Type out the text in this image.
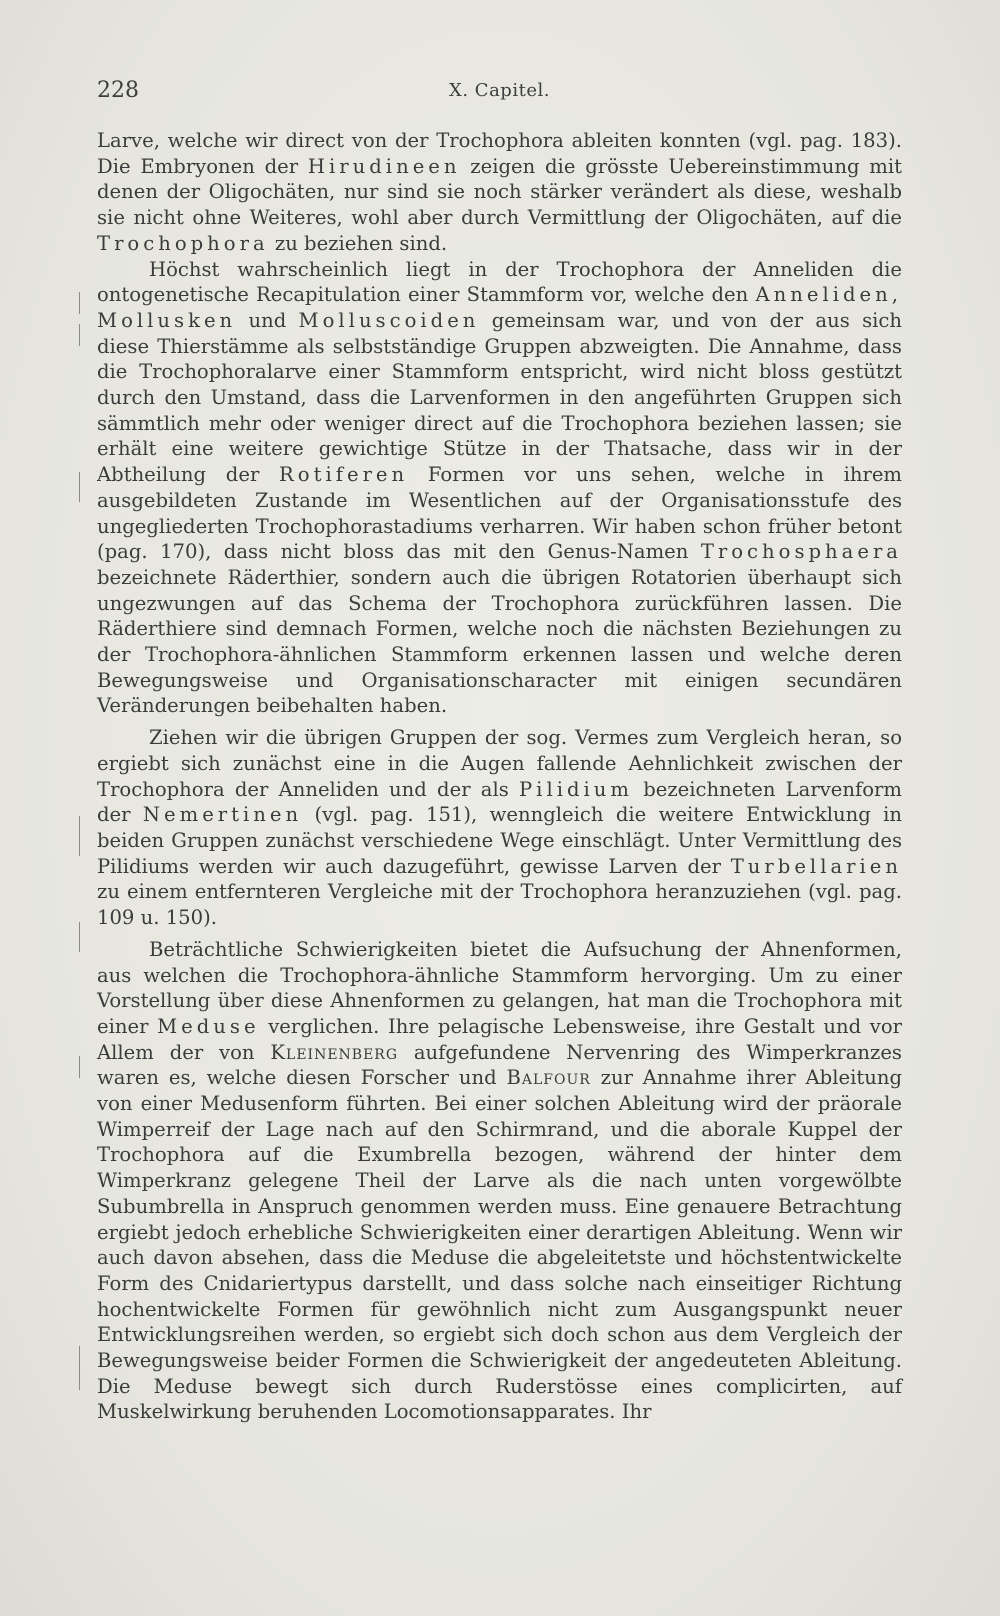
228	X. Capitel.

Larve, welche wir direct von der Trochophora ableiten konnten (vgl. pag. 183). Die Embryonen der Hirudineen zeigen die grösste Uebereinstimmung mit denen der Oligochäten, nur sind sie noch stärker verändert als diese, weshalb sie nicht ohne Weiteres, wohl aber durch Vermittlung der Oligochäten, auf die Trochophora zu beziehen sind.

Höchst wahrscheinlich liegt in der Trochophora der Anneliden die ontogenetische Recapitulation einer Stammform vor, welche den Anneliden, Mollusken und Molluscoiden gemeinsam war, und von der aus sich diese Thierstämme als selbstständige Gruppen abzweigten. Die Annahme, dass die Trochophoralarve einer Stammform entspricht, wird nicht bloss gestützt durch den Umstand, dass die Larvenformen in den angeführten Gruppen sich sämmtlich mehr oder weniger direct auf die Trochophora beziehen lassen; sie erhält eine weitere gewichtige Stütze in der Thatsache, dass wir in der Abtheilung der Rotiferen Formen vor uns sehen, welche in ihrem ausgebildeten Zustande im Wesentlichen auf der Organisationsstufe des ungegliederten Trochophorastadiums verharren. Wir haben schon früher betont (pag. 170), dass nicht bloss das mit den Genus-Namen Trochosphaera bezeichnete Räderthier, sondern auch die übrigen Rotatorien überhaupt sich ungezwungen auf das Schema der Trochophora zurückführen lassen. Die Räderthiere sind demnach Formen, welche noch die nächsten Beziehungen zu der Trochophora-ähnlichen Stammform erkennen lassen und welche deren Bewegungsweise und Organisationscharacter mit einigen secundären Veränderungen beibehalten haben.

Ziehen wir die übrigen Gruppen der sog. Vermes zum Vergleich heran, so ergiebt sich zunächst eine in die Augen fallende Aehnlichkeit zwischen der Trochophora der Anneliden und der als Pilidium bezeichneten Larvenform der Nemertinen (vgl. pag. 151), wenngleich die weitere Entwicklung in beiden Gruppen zunächst verschiedene Wege einschlägt. Unter Vermittlung des Pilidiums werden wir auch dazugeführt, gewisse Larven der Turbellarien zu einem entfernteren Vergleiche mit der Trochophora heranzuziehen (vgl. pag. 109 u. 150).

Beträchtliche Schwierigkeiten bietet die Aufsuchung der Ahnenformen, aus welchen die Trochophora-ähnliche Stammform hervorging. Um zu einer Vorstellung über diese Ahnenformen zu gelangen, hat man die Trochophora mit einer Meduse verglichen. Ihre pelagische Lebensweise, ihre Gestalt und vor Allem der von Kleinenberg aufgefundene Nervenring des Wimperkranzes waren es, welche diesen Forscher und Balfour zur Annahme ihrer Ableitung von einer Medusenform führten. Bei einer solchen Ableitung wird der präorale Wimperreif der Lage nach auf den Schirmrand, und die aborale Kuppel der Trochophora auf die Exumbrella bezogen, während der hinter dem Wimperkranz gelegene Theil der Larve als die nach unten vorgewölbte Subumbrella in Anspruch genommen werden muss. Eine genauere Betrachtung ergiebt jedoch erhebliche Schwierigkeiten einer derartigen Ableitung. Wenn wir auch davon absehen, dass die Meduse die abgeleitetste und höchstentwickelte Form des Cnidariertypus darstellt, und dass solche nach einseitiger Richtung hochentwickelte Formen für gewöhnlich nicht zum Ausgangspunkt neuer Entwicklungsreihen werden, so ergiebt sich doch schon aus dem Vergleich der Bewegungsweise beider Formen die Schwierigkeit der angedeuteten Ableitung. Die Meduse bewegt sich durch Ruderstösse eines complicirten, auf Muskelwirkung beruhenden Locomotionsapparates. Ihr
